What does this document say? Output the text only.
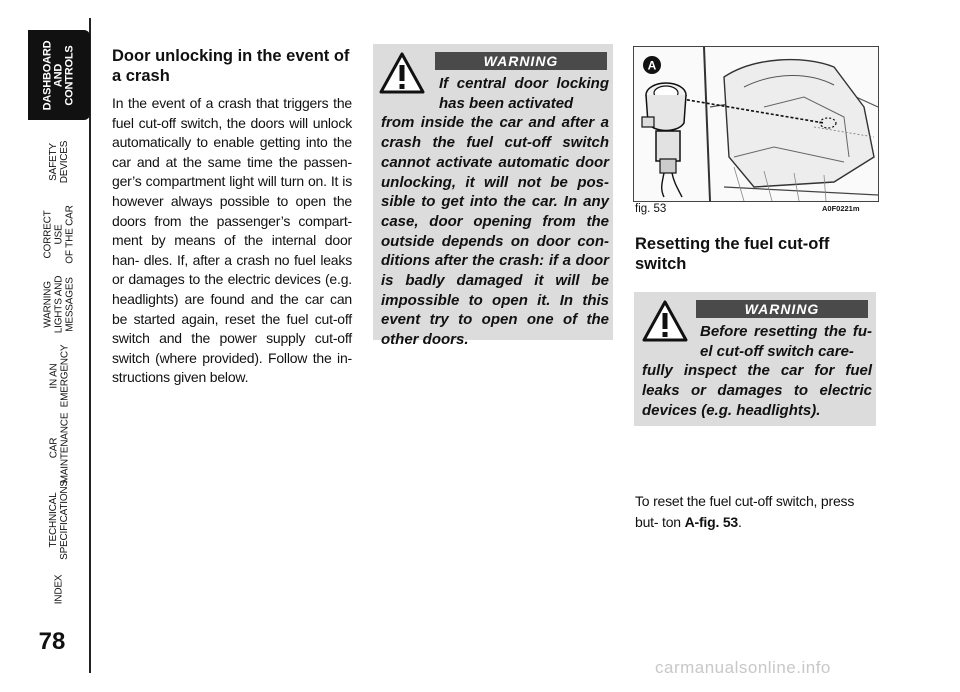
DASHBOARD
AND
CONTROLS
SAFETY
DEVICES
CORRECT USE
OF THE CAR
WARNING
LIGHTS AND
MESSAGES
IN AN
EMERGENCY
CAR
MAINTENANCE
TECHNICAL
SPECIFICATIONS
INDEX
78

Door unlocking in the event of a crash

In the event of a crash that triggers the fuel cut-off switch, the doors will unlock automatically to enable getting into the car and at the same time the passen- ger’s compartment light will turn on. It is however always possible to open the doors from the passenger’s compart- ment by means of the internal door han- dles. If, after a crash no fuel leaks or damages to the electric devices (e.g. headlights) are found and the car can be started again, reset the fuel cut-off switch and the power supply cut-off switch (where provided). Follow the in- structions given below.

WARNING

If central door locking has been activated
from inside the car and after a crash the fuel cut-off switch cannot activate automatic door unlocking, it will not be pos- sible to get into the car. In any case, door opening from the outside depends on door con- ditions after the crash: if a door is badly damaged it will be impossible to open it. In this event try to open one of the other doors.

A
fig. 53	A0F0221m

Resetting the fuel cut-off switch

WARNING

Before resetting the fu- el cut-off switch care-
fully inspect the car for fuel leaks or damages to electric devices (e.g. headlights).

To reset the fuel cut-off switch, press but- ton A-fig. 53.

carmanualsonline.info
